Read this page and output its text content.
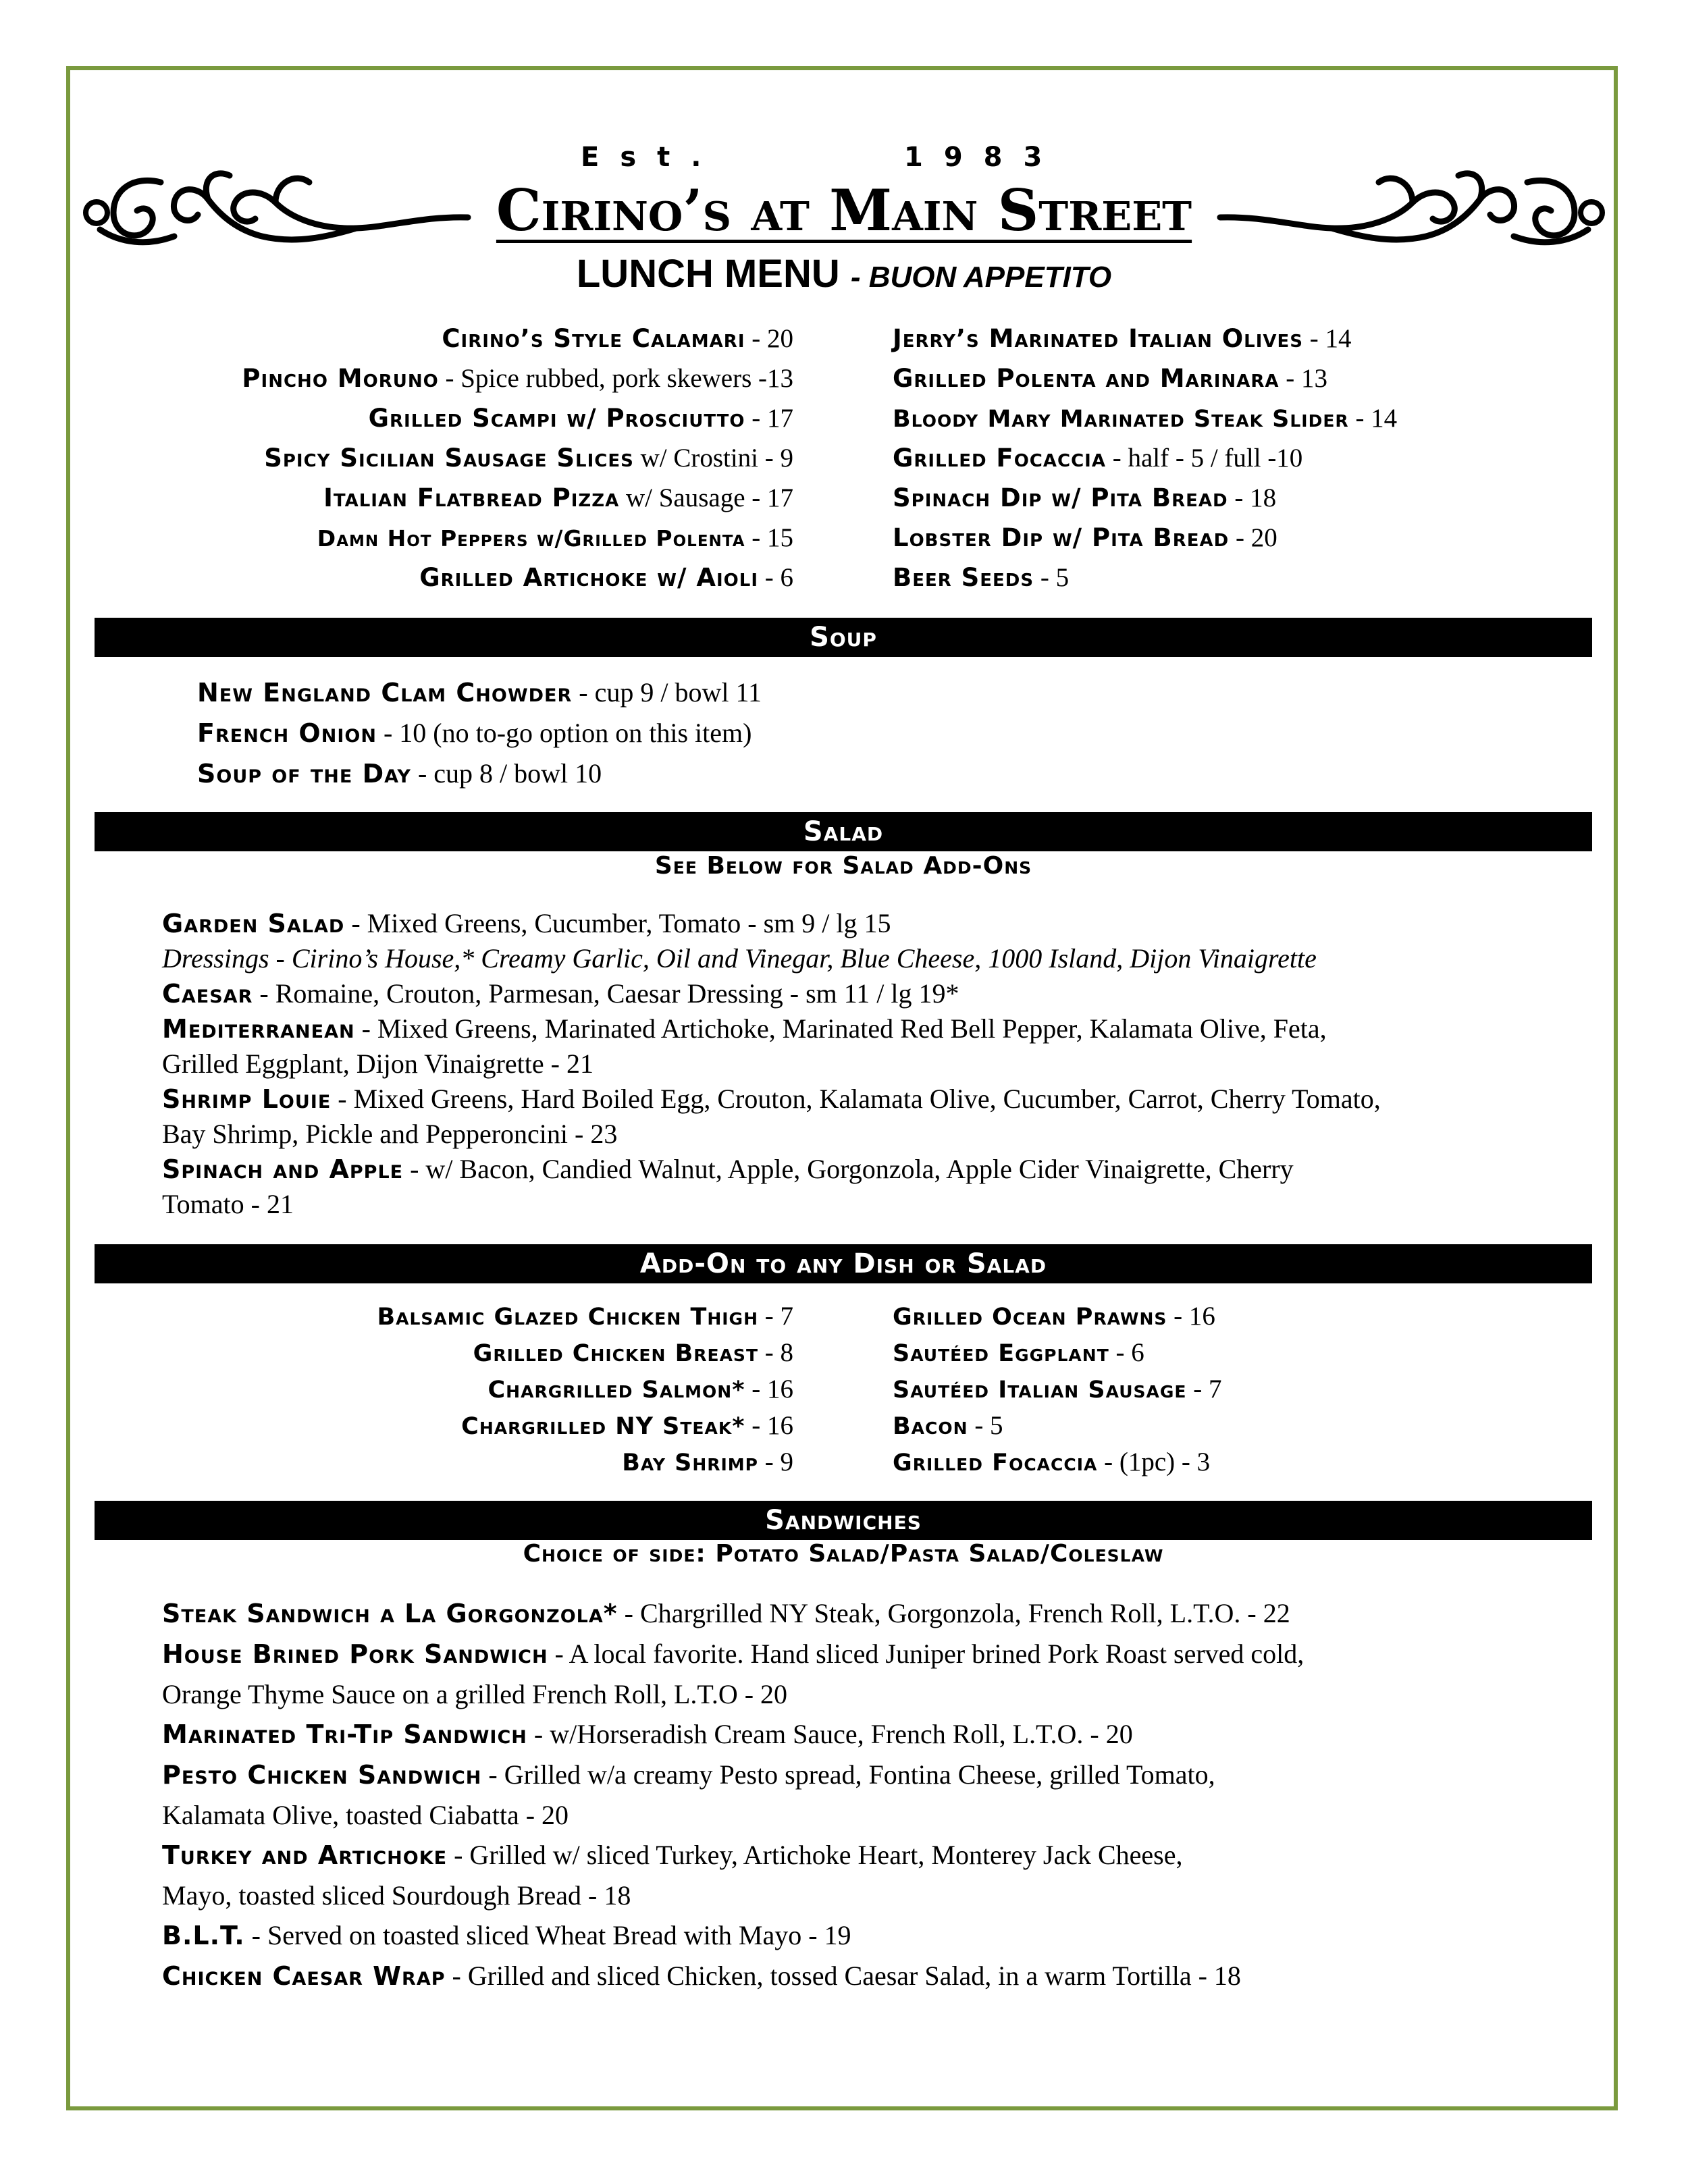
Est.      1983
Cirino’s at Main Street
LUNCH MENU - BUON APPETITO
Cirino’s Style Calamari - 20
Pincho Moruno - Spice rubbed, pork skewers -13
Grilled Scampi w/ Prosciutto - 17
Spicy Sicilian Sausage Slices w/ Crostini - 9
Italian Flatbread Pizza w/ Sausage - 17
Damn Hot Peppers w/Grilled Polenta - 15
Grilled Artichoke w/ Aioli - 6
Jerry’s Marinated Italian Olives - 14
Grilled Polenta and Marinara - 13
Bloody Mary Marinated Steak Slider - 14
Grilled Focaccia - half - 5 / full -10
Spinach Dip w/ Pita Bread - 18
Lobster Dip w/ Pita Bread - 20
Beer Seeds - 5
Soup
New England Clam Chowder - cup 9 / bowl 11
French Onion - 10 (no to-go option on this item)
Soup of the Day - cup 8 / bowl 10
Salad
See Below for Salad Add-Ons
Garden Salad - Mixed Greens, Cucumber, Tomato - sm 9 / lg 15
Dressings - Cirino’s House,* Creamy Garlic, Oil and Vinegar, Blue Cheese, 1000 Island, Dijon Vinaigrette
Caesar - Romaine, Crouton, Parmesan, Caesar Dressing - sm 11 / lg 19*
Mediterranean - Mixed Greens, Marinated Artichoke, Marinated Red Bell Pepper, Kalamata Olive, Feta,
Grilled Eggplant, Dijon Vinaigrette - 21
Shrimp Louie - Mixed Greens, Hard Boiled Egg, Crouton, Kalamata Olive, Cucumber, Carrot, Cherry Tomato,
Bay Shrimp, Pickle and Pepperoncini - 23
Spinach and Apple - w/ Bacon, Candied Walnut, Apple, Gorgonzola, Apple Cider Vinaigrette, Cherry
Tomato - 21
Add-On to any Dish or Salad
Balsamic Glazed Chicken Thigh - 7
Grilled Chicken Breast - 8
Chargrilled Salmon* - 16
Chargrilled NY Steak* - 16
Bay Shrimp - 9
Grilled Ocean Prawns - 16
Sautéed Eggplant - 6
Sautéed Italian Sausage - 7
Bacon - 5
Grilled Focaccia - (1pc) - 3
Sandwiches
Choice of side: Potato Salad/Pasta Salad/Coleslaw
Steak Sandwich a La Gorgonzola* - Chargrilled NY Steak, Gorgonzola, French Roll, L.T.O. - 22
House Brined Pork Sandwich - A local favorite. Hand sliced Juniper brined Pork Roast served cold,
Orange Thyme Sauce on a grilled French Roll, L.T.O - 20
Marinated Tri-Tip Sandwich - w/Horseradish Cream Sauce, French Roll, L.T.O. - 20
Pesto Chicken Sandwich - Grilled w/a creamy Pesto spread, Fontina Cheese, grilled Tomato,
Kalamata Olive, toasted Ciabatta - 20
Turkey and Artichoke - Grilled w/ sliced Turkey, Artichoke Heart, Monterey Jack Cheese,
Mayo, toasted sliced Sourdough Bread - 18
B.L.T. - Served on toasted sliced Wheat Bread with Mayo - 19
Chicken Caesar Wrap - Grilled and sliced Chicken, tossed Caesar Salad, in a warm Tortilla - 18
